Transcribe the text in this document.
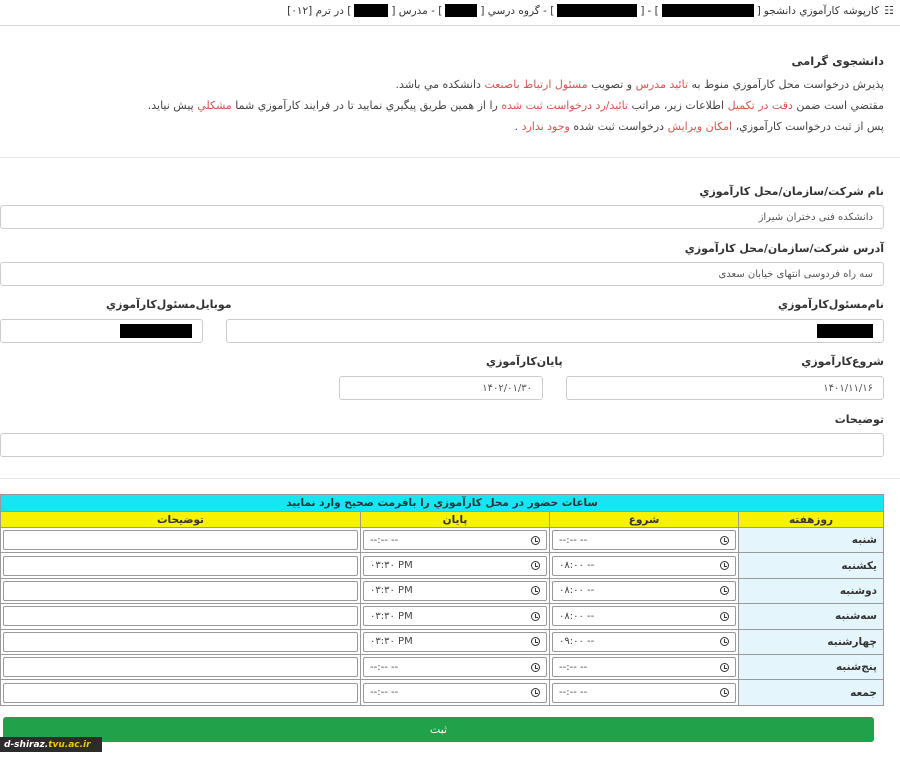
☷
کارپوشه کارآموزي دانشجو
[
] -
[
] - گروه درسي [
] - مدرس [
] در ترم [۰۱۲]
دانشجوی گرامی
پذيرش درخواست محل کارآموزي منوط به تائيد مدرس و تصويب مسئول ارتباط باصنعت دانشکده مي باشد.
مقتضي است ضمن دقت در تکميل اطلاعات زير، مراتب تائيد/رد درخواست ثبت شده را از همين طريق پيگيري نماييد تا در فرايند کارآموزي شما مشکلي پيش نيايد.
پس از ثبت درخواست کارآموزي، امکان ويرايش درخواست ثبت شده وجود ندارد .
نام شرکت/سازمان/محل کارآموزي
دانشکده فنی دختران شیراز
آدرس شرکت/سازمان/محل کارآموزي
سه راه فردوسی انتهای خیابان سعدی
نام‌مسئول‌کارآموزي
موبايل‌مسئول‌کارآموزي
شروع‌کارآموزي
۱۴۰۱/۱۱/۱۶
پايان‌کارآموزي
۱۴۰۲/۰۱/۳۰
توضیحات
ساعات حضور در محل کارآموزي را بافرمت صحيح وارد نماييد			
روزهفته	شروع	پايان	توضيحات
شنبه	--:-- --	--:-- --	

يکشنبه	۰۸:۰۰ --	۰۳:۳۰ PM	

دوشنبه	۰۸:۰۰ --	۰۳:۳۰ PM	

سه‌شنبه	۰۸:۰۰ --	۰۳:۳۰ PM	

چهارشنبه	۰۹:۰۰ --	۰۳:۳۰ PM	

پنج‌شنبه	--:-- --	--:-- --	

جمعه	--:-- --	--:-- --	

ثبت
d-shiraz. tvu.ac.ir
